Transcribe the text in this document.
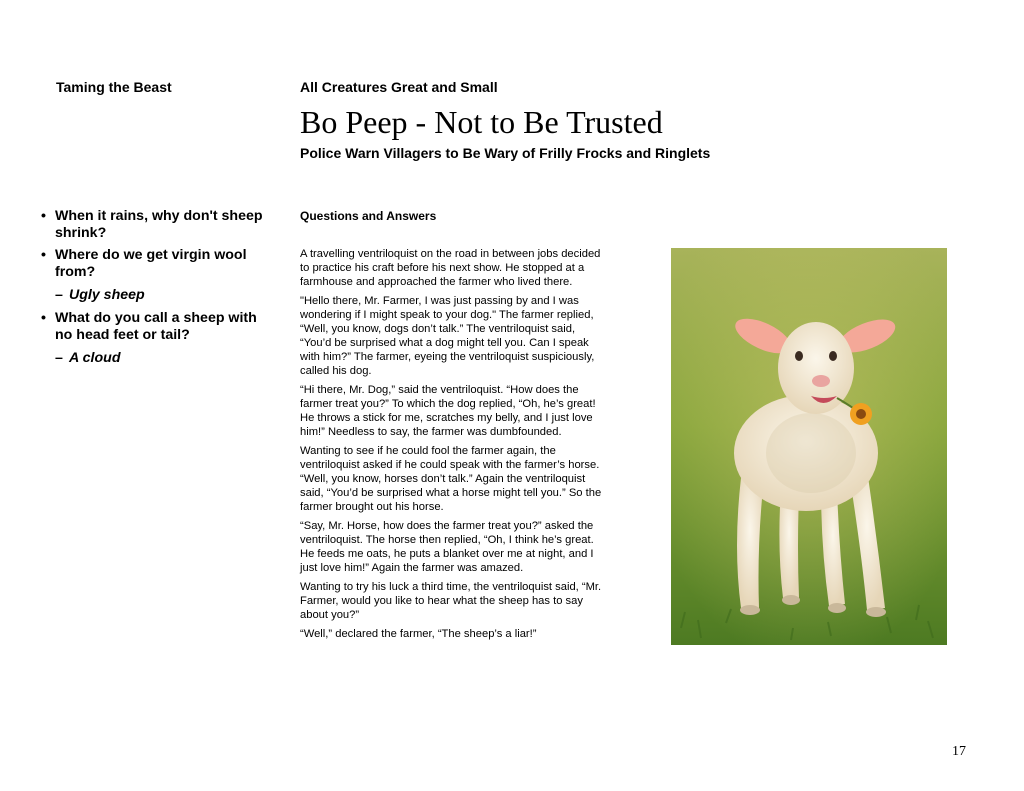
Taming the Beast	All Creatures Great and Small
Bo Peep - Not to Be Trusted
Police Warn Villagers to Be Wary of Frilly Frocks and Ringlets
• When it rains, why don't sheep shrink?
• Where do we get virgin wool from?
– Ugly sheep
• What do you call a sheep with no head feet or tail?
– A cloud
Questions and Answers

A travelling ventriloquist on the road in between jobs decided to practice his craft before his next show. He stopped at a farmhouse and approached the farmer who lived there.

"Hello there, Mr. Farmer, I was just passing by and I was wondering if I might speak to your dog." The farmer replied, “Well, you know, dogs don’t talk.” The ventriloquist said, “You’d be surprised what a dog might tell you. Can I speak with him?” The farmer, eyeing the ventriloquist suspiciously, called his dog.

“Hi there, Mr. Dog,” said the ventriloquist. “How does the farmer treat you?” To which the dog replied, “Oh, he’s great! He throws a stick for me, scratches my belly, and I just love him!” Needless to say, the farmer was dumbfounded.

Wanting to see if he could fool the farmer again, the ventriloquist asked if he could speak with the farmer’s horse. “Well, you know, horses don’t talk.” Again the ventriloquist said, “You’d be surprised what a horse might tell you.” So the farmer brought out his horse.

“Say, Mr. Horse, how does the farmer treat you?” asked the ventriloquist. The horse then replied, “Oh, I think he’s great. He feeds me oats, he puts a blanket over me at night, and I just love him!” Again the farmer was amazed.

Wanting to try his luck a third time, the ventriloquist said, “Mr. Farmer, would you like to hear what the sheep has to say about you?”

“Well,” declared the farmer, “The sheep’s a liar!”

17
